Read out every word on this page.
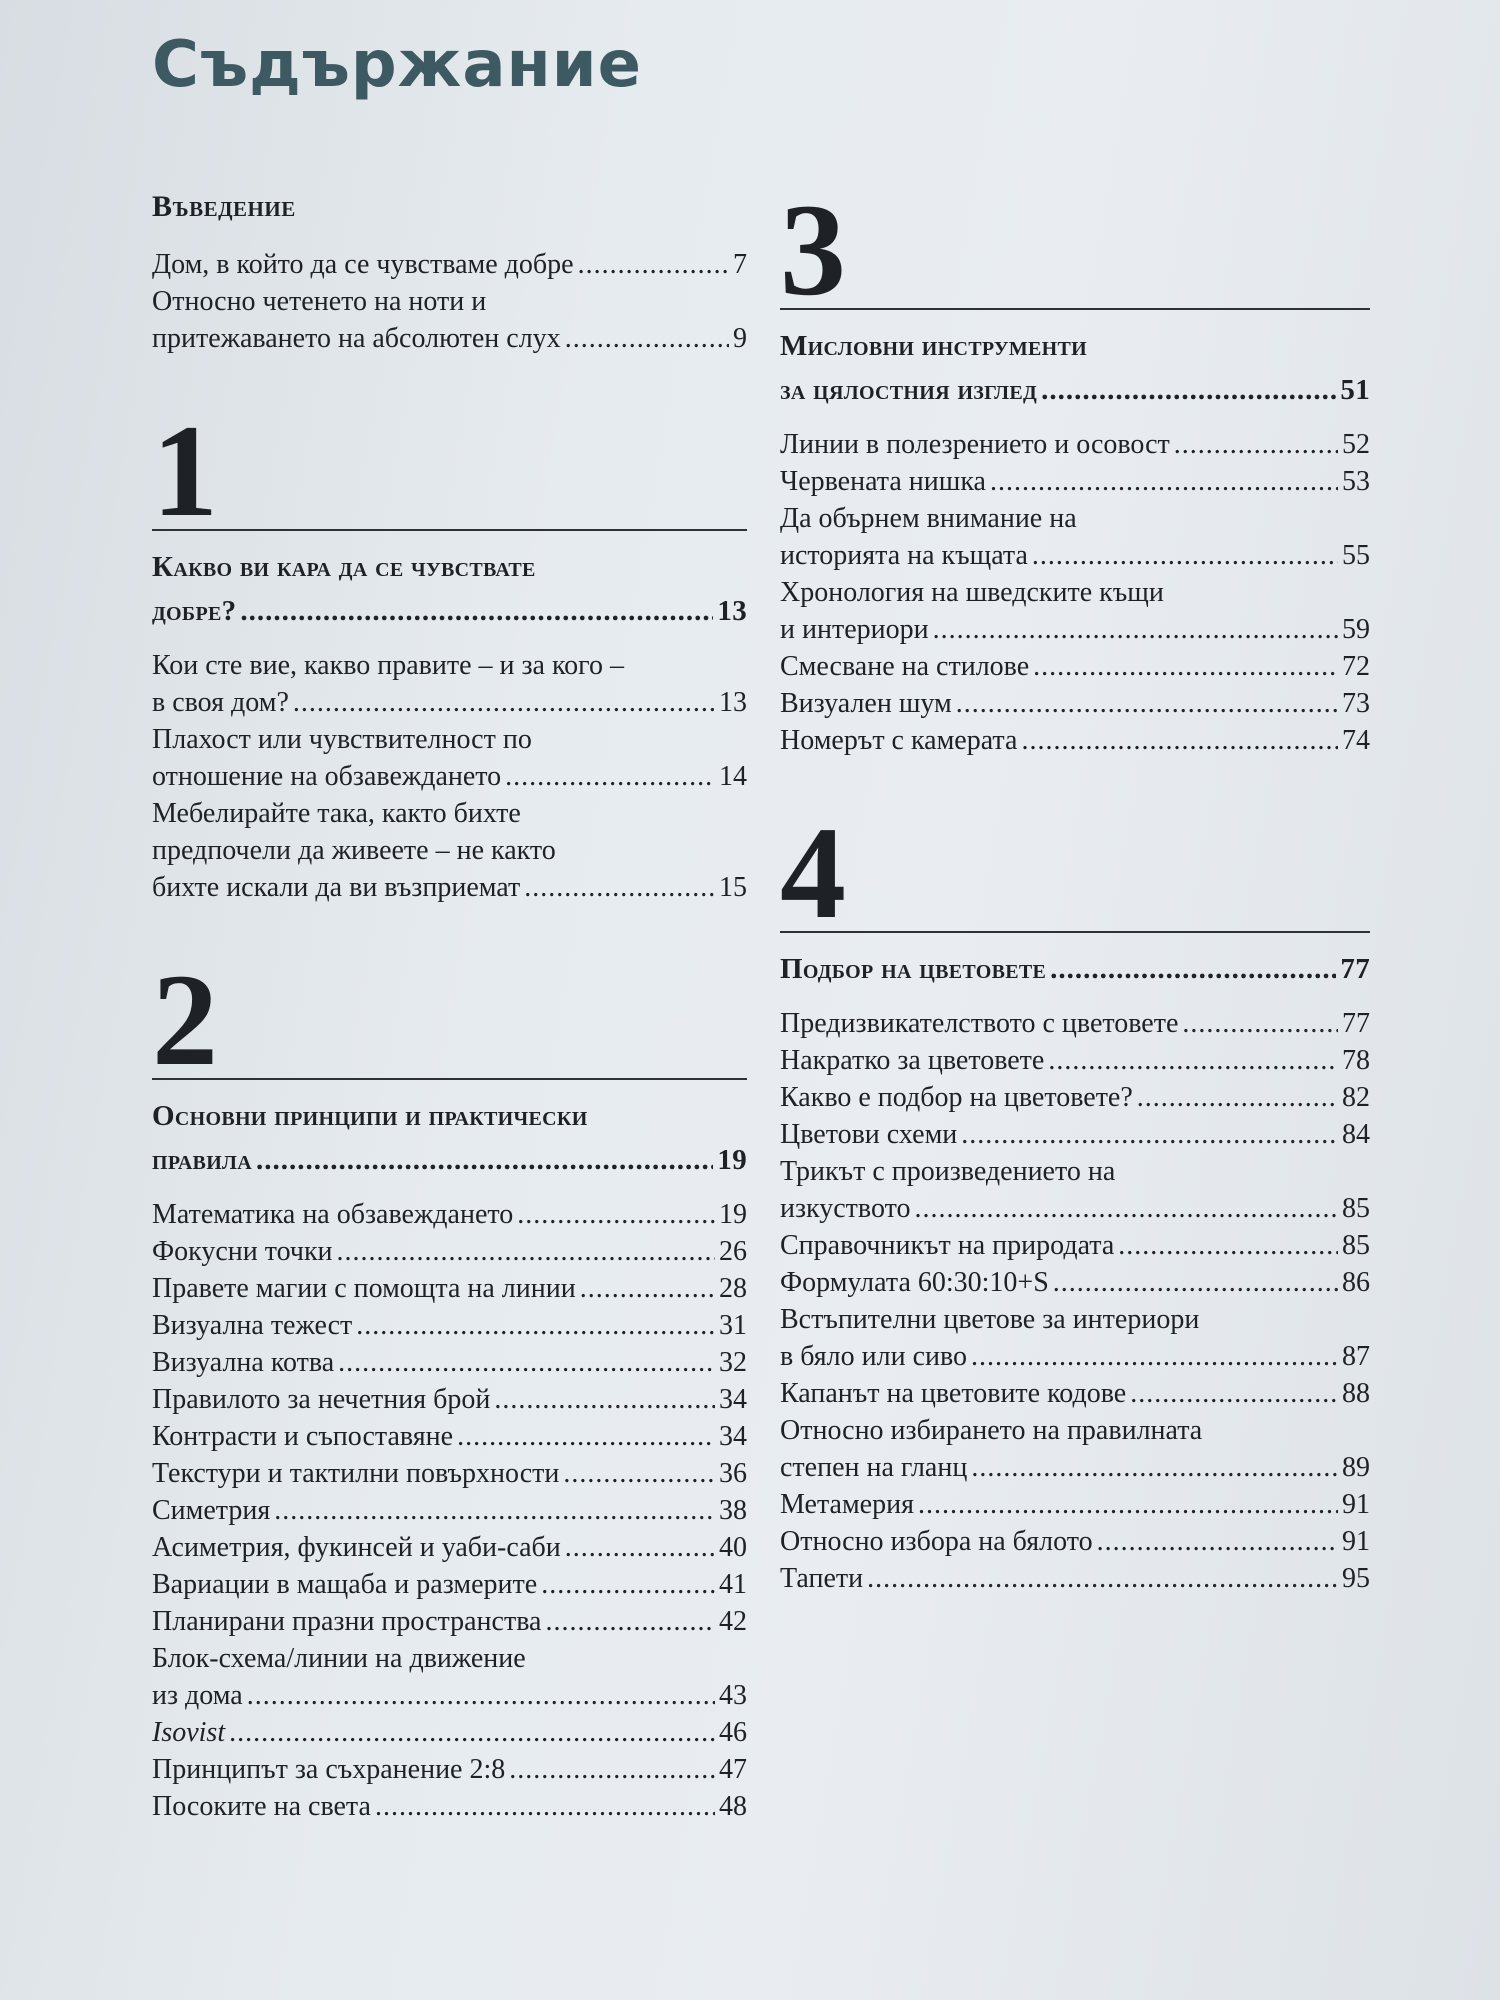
Съдържание
Въведение
Дом, в който да се чувстваме добре .....	7
Относно четенето на ноти и
притежаването на абсолютен слух .....	9
1
Какво ви кара да се чувствате
добре? .....	13
Кои сте вие, какво правите – и за кого –
в своя дом? .....	13
Плахост или чувствителност по
отношение на обзавеждането .....	14
Мебелирайте така, както бихте
предпочели да живеете – не както
бихте искали да ви възприемат .....	15
2
Основни принципи и практически
правила .....	19
Математика на обзавеждането .....	19
Фокусни точки .....	26
Правете магии с помощта на линии .....	28
Визуална тежест .....	31
Визуална котва .....	32
Правилото за нечетния брой .....	34
Контрасти и съпоставяне .....	34
Текстури и тактилни повърхности .....	36
Симетрия .....	38
Асиметрия, фукинсей и уаби-саби .....	40
Вариации в мащаба и размерите .....	41
Планирани празни пространства .....	42
Блок-схема/линии на движение
из дома .....	43
Isovist .....	46
Принципът за съхранение 2:8 .....	47
Посоките на света .....	48
3
Мисловни инструменти
за цялостния изглед .....	51
Линии в полезрението и осовост .....	52
Червената нишка .....	53
Да обърнем внимание на
историята на къщата .....	55
Хронология на шведските къщи
и интериори .....	59
Смесване на стилове .....	72
Визуален шум .....	73
Номерът с камерата .....	74
4
Подбор на цветовете .....	77
Предизвикателството с цветовете .....	77
Накратко за цветовете .....	78
Какво е подбор на цветовете? .....	82
Цветови схеми .....	84
Трикът с произведението на
изкуството .....	85
Справочникът на природата .....	85
Формулата 60:30:10+S .....	86
Встъпителни цветове за интериори
в бяло или сиво .....	87
Капанът на цветовите кодове .....	88
Относно избирането на правилната
степен на гланц .....	89
Метамерия .....	91
Относно избора на бялото .....	91
Тапети .....	95
